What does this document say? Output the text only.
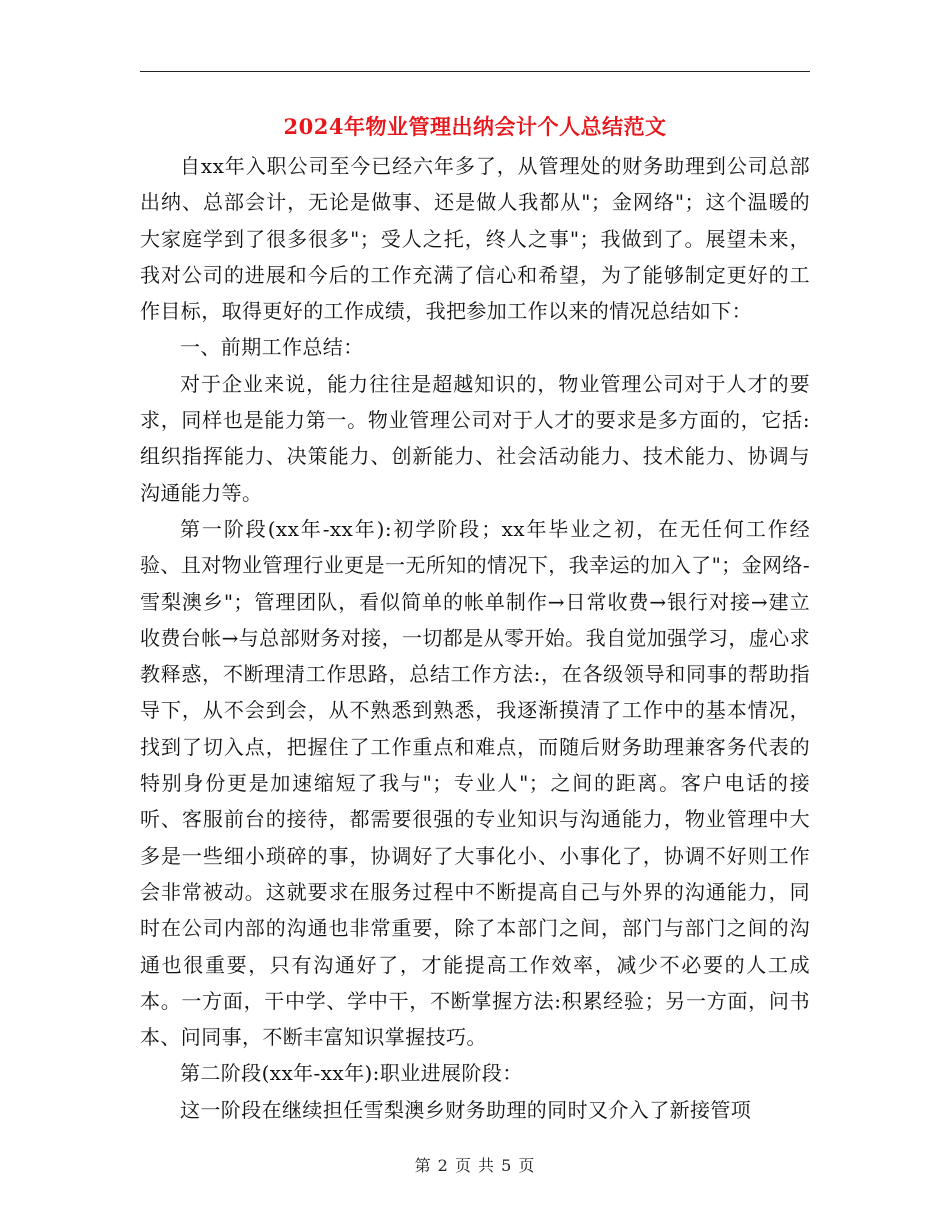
2024年物业管理出纳会计个人总结范文

自xx年入职公司至今已经六年多了，从管理处的财务助理到公司总部出纳、总部会计，无论是做事、还是做人我都从"；金网络"；这个温暖的大家庭学到了很多很多"；受人之托，终人之事"；我做到了。展望未来，我对公司的进展和今后的工作充满了信心和希望，为了能够制定更好的工作目标，取得更好的工作成绩，我把参加工作以来的情况总结如下：

一、前期工作总结：

对于企业来说，能力往往是超越知识的，物业管理公司对于人才的要求，同样也是能力第一。物业管理公司对于人才的要求是多方面的，它括:组织指挥能力、决策能力、创新能力、社会活动能力、技术能力、协调与沟通能力等。

第一阶段(xx年-xx年):初学阶段；xx年毕业之初，在无任何工作经验、且对物业管理行业更是一无所知的情况下，我幸运的加入了"；金网络-雪梨澳乡"；管理团队，看似简单的帐单制作→日常收费→银行对接→建立收费台帐→与总部财务对接，一切都是从零开始。我自觉加强学习，虚心求教释惑，不断理清工作思路，总结工作方法:，在各级领导和同事的帮助指导下，从不会到会，从不熟悉到熟悉，我逐渐摸清了工作中的基本情况，找到了切入点，把握住了工作重点和难点，而随后财务助理兼客务代表的特别身份更是加速缩短了我与"；专业人"；之间的距离。客户电话的接听、客服前台的接待，都需要很强的专业知识与沟通能力，物业管理中大多是一些细小琐碎的事，协调好了大事化小、小事化了，协调不好则工作会非常被动。这就要求在服务过程中不断提高自己与外界的沟通能力，同时在公司内部的沟通也非常重要，除了本部门之间，部门与部门之间的沟通也很重要，只有沟通好了，才能提高工作效率，减少不必要的人工成本。一方面，干中学、学中干，不断掌握方法:积累经验；另一方面，问书本、问同事，不断丰富知识掌握技巧。

第二阶段(xx年-xx年):职业进展阶段：

这一阶段在继续担任雪梨澳乡财务助理的同时又介入了新接管项

第 2 页 共 5 页
